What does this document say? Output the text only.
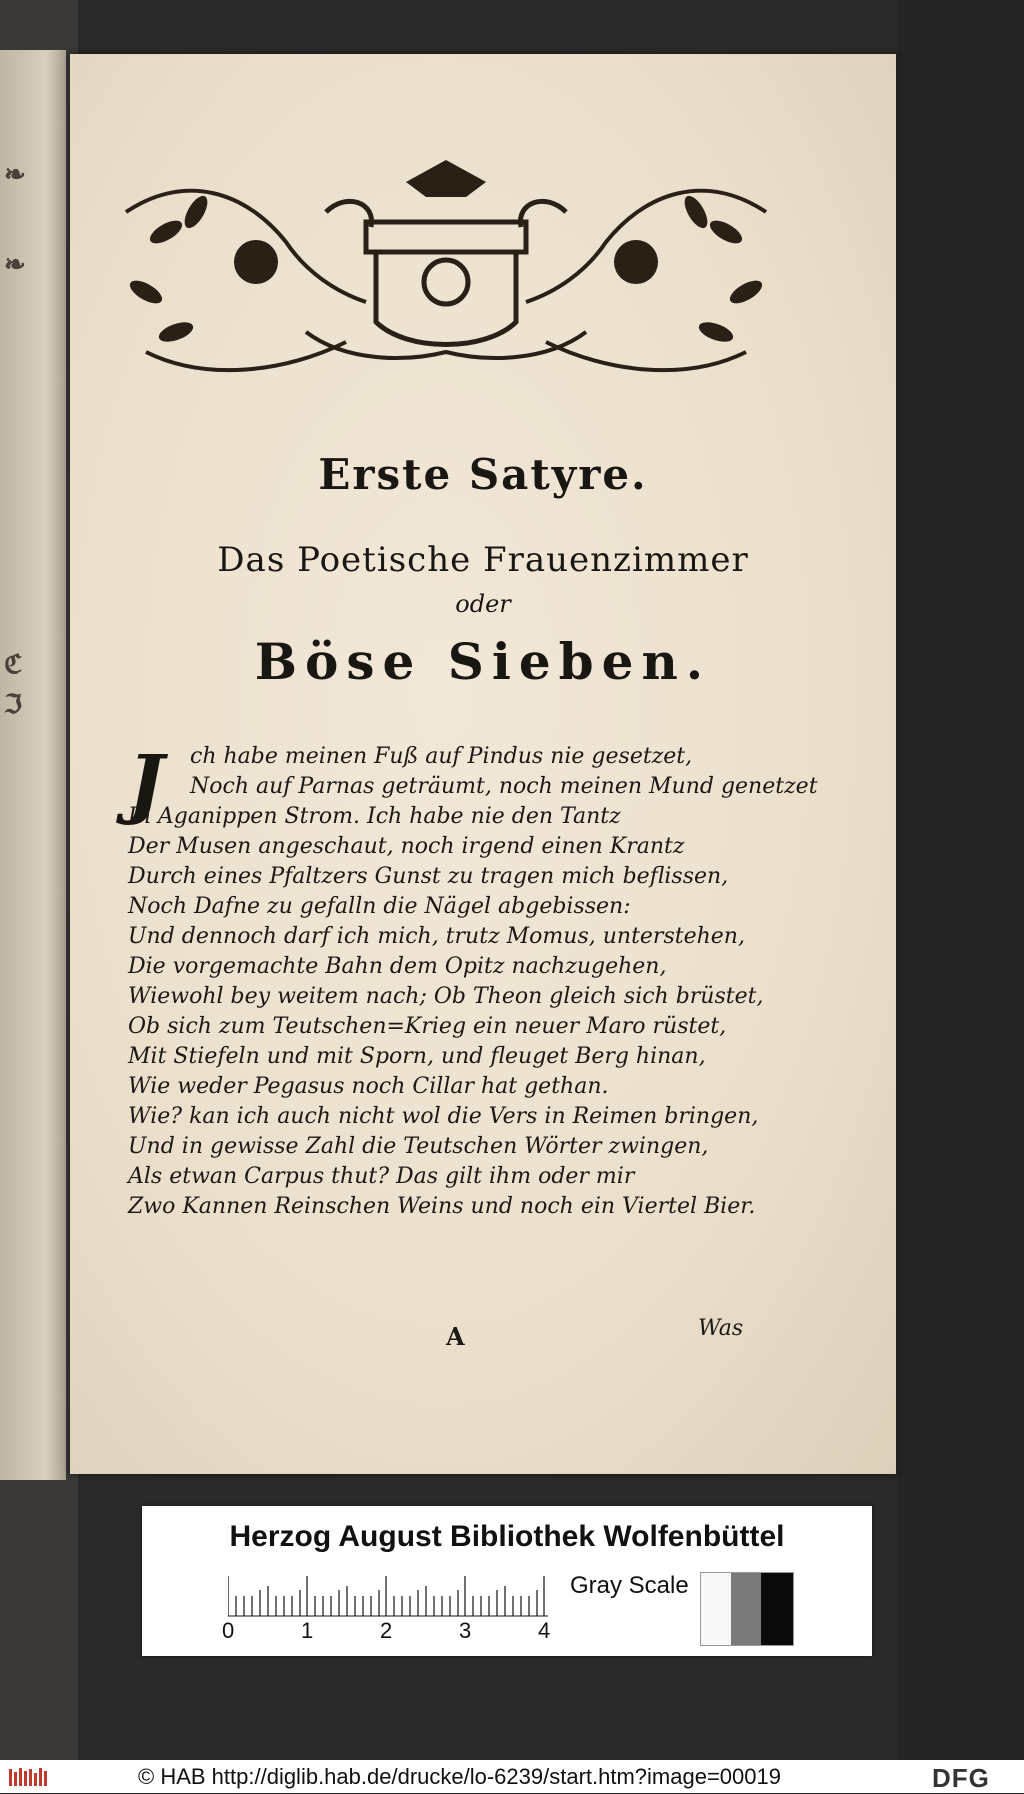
❧
❧
ℭ
ℑ
Erste Satyre.
Das Poetische Frauenzimmer
oder
Böse Sieben.
J	ch habe meinen Fuß auf Pindus nie gesetzet,
Noch auf Parnas geträumt, noch meinen Mund genetzet
In Aganippen Strom. Ich habe nie den Tantz
Der Musen angeschaut, noch irgend einen Krantz
Durch eines Pfaltzers Gunst zu tragen mich beflissen,
Noch Dafne zu gefalln die Nägel abgebissen:
Und dennoch darf ich mich, trutz Momus, unterstehen,
Die vorgemachte Bahn dem Opitz nachzugehen,
Wiewohl bey weitem nach; Ob Theon gleich sich brüstet,
Ob sich zum Teutschen=Krieg ein neuer Maro rüstet,
Mit Stiefeln und mit Sporn, und fleuget Berg hinan,
Wie weder Pegasus noch Cillar hat gethan.
Wie? kan ich auch nicht wol die Vers in Reimen bringen,
Und in gewisse Zahl die Teutschen Wörter zwingen,
Als etwan Carpus thut? Das gilt ihm oder mir
Zwo Kannen Reinschen Weins und noch ein Viertel Bier.
A	Was
Herzog August Bibliothek Wolfenbüttel
0	1	2	3	4
Gray Scale
© HAB http://diglib.hab.de/drucke/lo-6239/start.htm?image=00019	DFG
